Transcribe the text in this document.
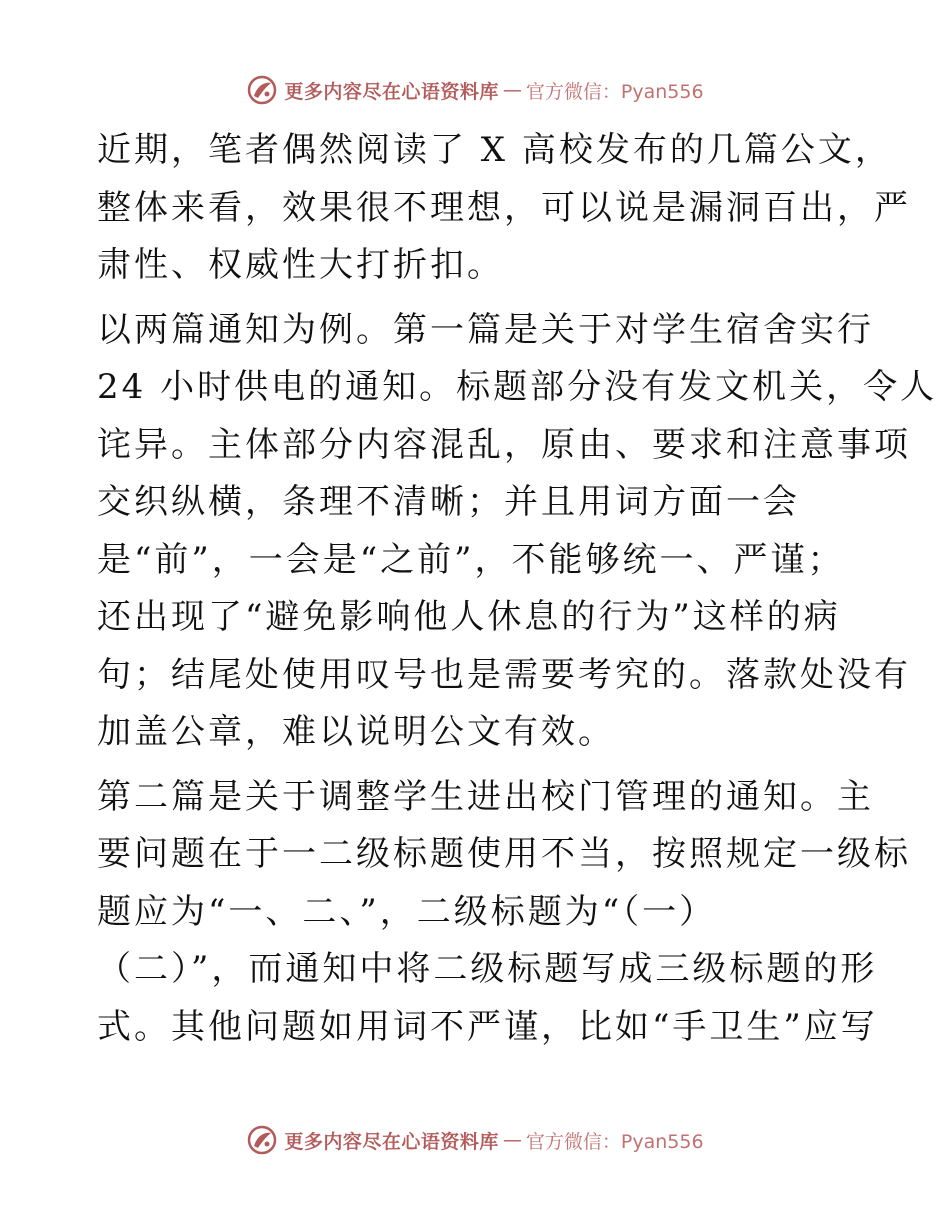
更多内容尽在心语资料库 — 官方微信：Pyan556

近期，笔者偶然阅读了 X 高校发布的几篇公文，
整体来看，效果很不理想，可以说是漏洞百出，严
肃性、权威性大打折扣。

以两篇通知为例。第一篇是关于对学生宿舍实行
24 小时供电的通知。标题部分没有发文机关，令人
诧异。主体部分内容混乱，原由、要求和注意事项
交织纵横，条理不清晰；并且用词方面一会
是“前”，一会是“之前”，不能够统一、严谨；
还出现了“避免影响他人休息的行为”这样的病
句；结尾处使用叹号也是需要考究的。落款处没有
加盖公章，难以说明公文有效。

第二篇是关于调整学生进出校门管理的通知。主
要问题在于一二级标题使用不当，按照规定一级标
题应为“一、二、”，二级标题为“（一）
（二）”，而通知中将二级标题写成三级标题的形
式。其他问题如用词不严谨，比如“手卫生”应写

更多内容尽在心语资料库 — 官方微信：Pyan556
